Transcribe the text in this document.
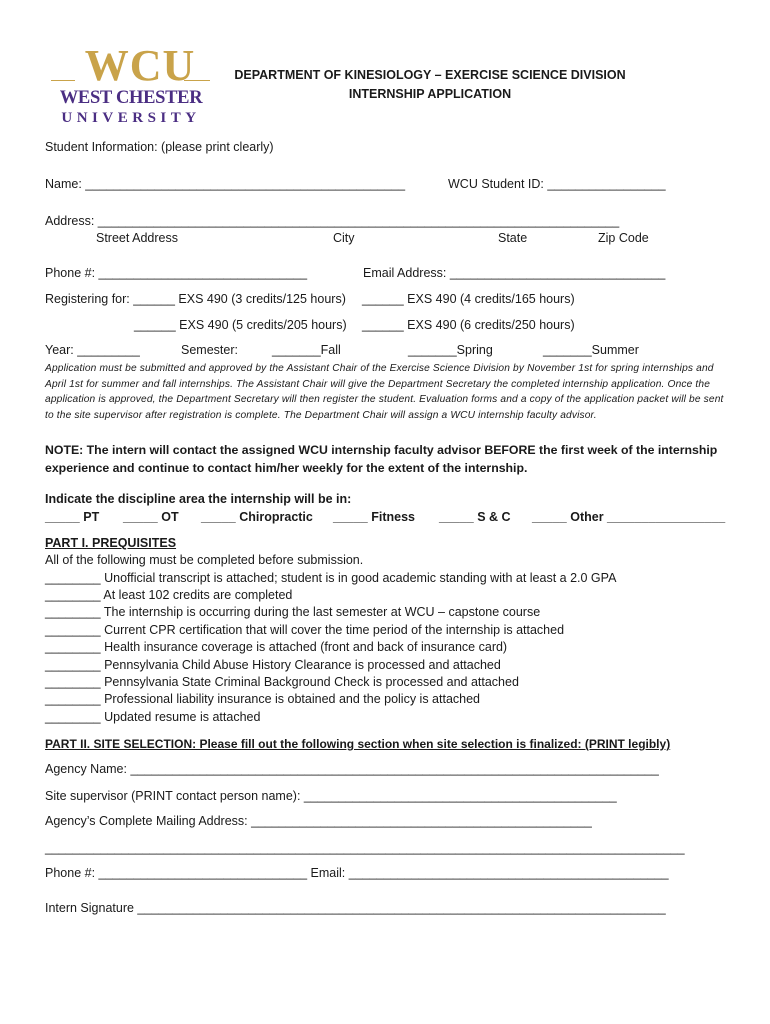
WCU
WEST CHESTER
UNIVERSITY
DEPARTMENT OF KINESIOLOGY – EXERCISE SCIENCE DIVISION
INTERNSHIP APPLICATION
Student Information: (please print clearly)
Name: ______________________________________________	WCU Student ID: _________________
Address: ___________________________________________________________________________
Street Address	City	State	Zip Code
Phone #: ______________________________	Email Address: _______________________________
Registering for: ______ EXS 490 (3 credits/125 hours) ______ EXS 490 (4 credits/165 hours)
______ EXS 490 (5 credits/205 hours) ______ EXS 490 (6 credits/250 hours)
Year: _________	Semester:	_______Fall	_______Spring	_______Summer
Application must be submitted and approved by the Assistant Chair of the Exercise Science Division by November 1st for spring internships and April 1st for summer and fall internships. The Assistant Chair will give the Department Secretary the completed internship application. Once the application is approved, the Department Secretary will then register the student. Evaluation forms and a copy of the application packet will be sent to the site supervisor after registration is complete. The Department Chair will assign a WCU internship faculty advisor.
NOTE: The intern will contact the assigned WCU internship faculty advisor BEFORE the first week of the internship experience and continue to contact him/her weekly for the extent of the internship.
Indicate the discipline area the internship will be in:
_____ PT _____ OT _____ Chiropractic _____ Fitness _____ S & C _____ Other _________________
PART I. PREQUISITES
All of the following must be completed before submission.
________ Unofficial transcript is attached; student is in good academic standing with at least a 2.0 GPA
________ At least 102 credits are completed
________ The internship is occurring during the last semester at WCU – capstone course
________ Current CPR certification that will cover the time period of the internship is attached
________ Health insurance coverage is attached (front and back of insurance card)
________ Pennsylvania Child Abuse History Clearance is processed and attached
________ Pennsylvania State Criminal Background Check is processed and attached
________ Professional liability insurance is obtained and the policy is attached
________ Updated resume is attached
PART II. SITE SELECTION: Please fill out the following section when site selection is finalized: (PRINT legibly)
Agency Name: ____________________________________________________________________________
Site supervisor (PRINT contact person name): _____________________________________________
Agency’s Complete Mailing Address: _________________________________________________
____________________________________________________________________________________________
Phone #: ______________________________ Email: ______________________________________________
Intern Signature ____________________________________________________________________________
